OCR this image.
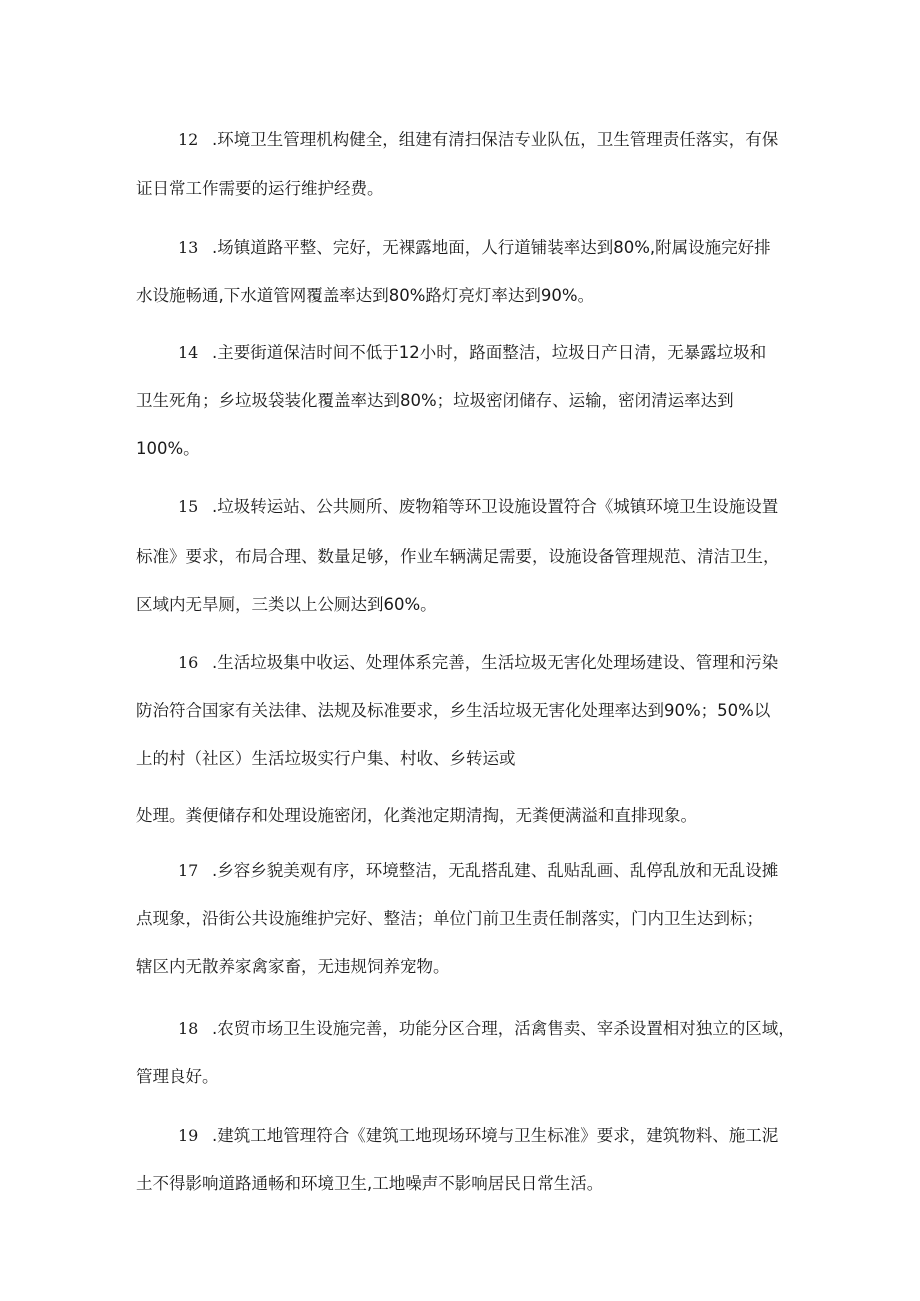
12 .环境卫生管理机构健全，组建有清扫保洁专业队伍，卫生管理责任落实，有保
证日常工作需要的运行维护经费。
13 .场镇道路平整、完好，无裸露地面，人行道铺装率达到80%,附属设施完好排
水设施畅通,下水道管网覆盖率达到80%路灯亮灯率达到90%。
14 .主要街道保洁时间不低于12小时，路面整洁，垃圾日产日清，无暴露垃圾和
卫生死角；乡垃圾袋装化覆盖率达到80%；垃圾密闭储存、运输，密闭清运率达到
100%。
15 .垃圾转运站、公共厕所、废物箱等环卫设施设置符合《城镇环境卫生设施设置
标准》要求，布局合理、数量足够，作业车辆满足需要，设施设备管理规范、清洁卫生，
区域内无旱厕，三类以上公厕达到60%。
16 .生活垃圾集中收运、处理体系完善，生活垃圾无害化处理场建设、管理和污染
防治符合国家有关法律、法规及标准要求，乡生活垃圾无害化处理率达到90%；50%以
上的村（社区）生活垃圾实行户集、村收、乡转运或
处理。粪便储存和处理设施密闭，化粪池定期清掏，无粪便满溢和直排现象。
17 .乡容乡貌美观有序，环境整洁，无乱搭乱建、乱贴乱画、乱停乱放和无乱设摊
点现象，沿街公共设施维护完好、整洁；单位门前卫生责任制落实，门内卫生达到标；
辖区内无散养家禽家畜，无违规饲养宠物。
18 .农贸市场卫生设施完善，功能分区合理，活禽售卖、宰杀设置相对独立的区域，
管理良好。
19 .建筑工地管理符合《建筑工地现场环境与卫生标准》要求，建筑物料、施工泥
土不得影响道路通畅和环境卫生,工地噪声不影响居民日常生活。
